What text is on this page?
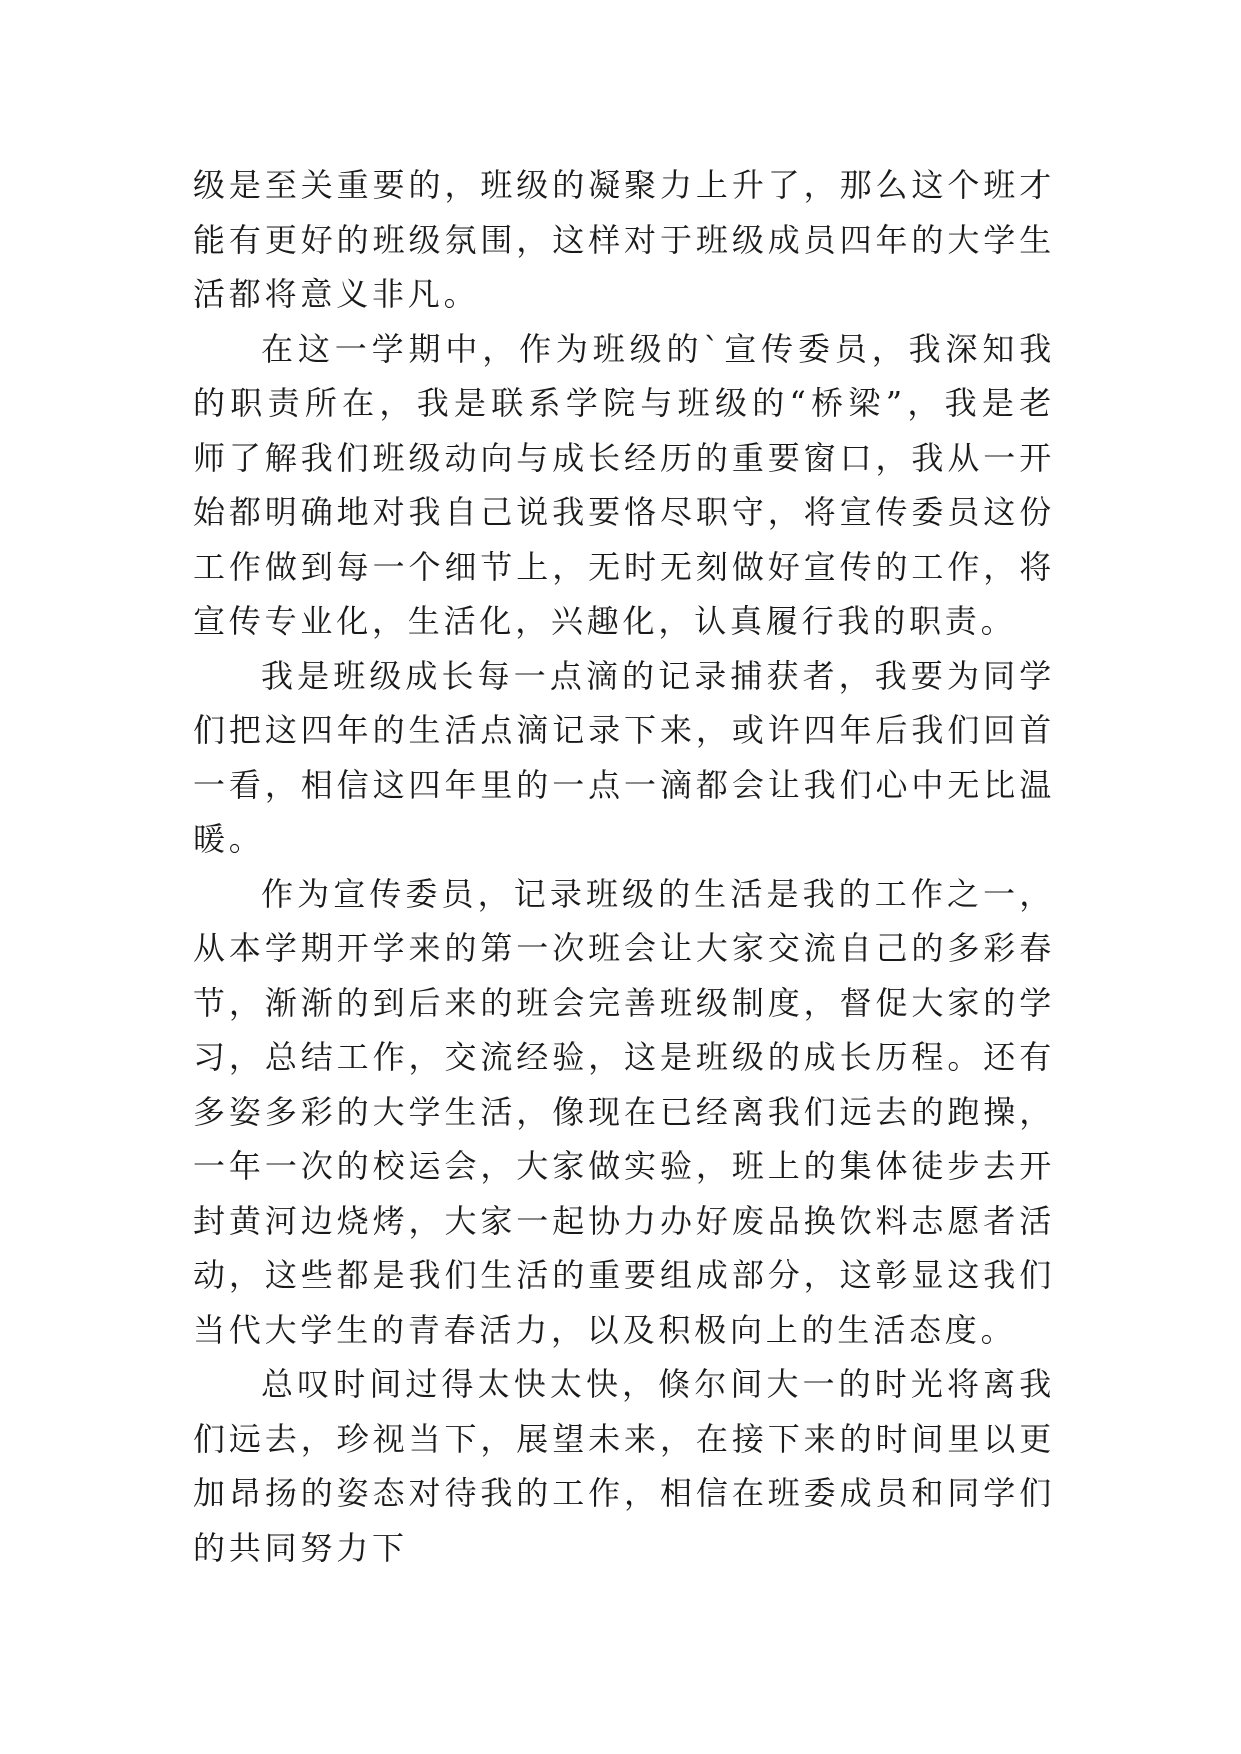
级是至关重要的，班级的凝聚力上升了，那么这个班才能有更好的班级氛围，这样对于班级成员四年的大学生活都将意义非凡。

在这一学期中，作为班级的`宣传委员，我深知我的职责所在，我是联系学院与班级的“桥梁”，我是老师了解我们班级动向与成长经历的重要窗口，我从一开始都明确地对我自己说我要恪尽职守，将宣传委员这份工作做到每一个细节上，无时无刻做好宣传的工作，将宣传专业化，生活化，兴趣化，认真履行我的职责。

我是班级成长每一点滴的记录捕获者，我要为同学们把这四年的生活点滴记录下来，或许四年后我们回首一看，相信这四年里的一点一滴都会让我们心中无比温暖。

作为宣传委员，记录班级的生活是我的工作之一，从本学期开学来的第一次班会让大家交流自己的多彩春节，渐渐的到后来的班会完善班级制度，督促大家的学习，总结工作，交流经验，这是班级的成长历程。还有多姿多彩的大学生活，像现在已经离我们远去的跑操，一年一次的校运会，大家做实验，班上的集体徒步去开封黄河边烧烤，大家一起协力办好废品换饮料志愿者活动，这些都是我们生活的重要组成部分，这彰显这我们当代大学生的青春活力，以及积极向上的生活态度。

总叹时间过得太快太快，倏尔间大一的时光将离我们远去，珍视当下，展望未来，在接下来的时间里以更加昂扬的姿态对待我的工作，相信在班委成员和同学们的共同努力下
